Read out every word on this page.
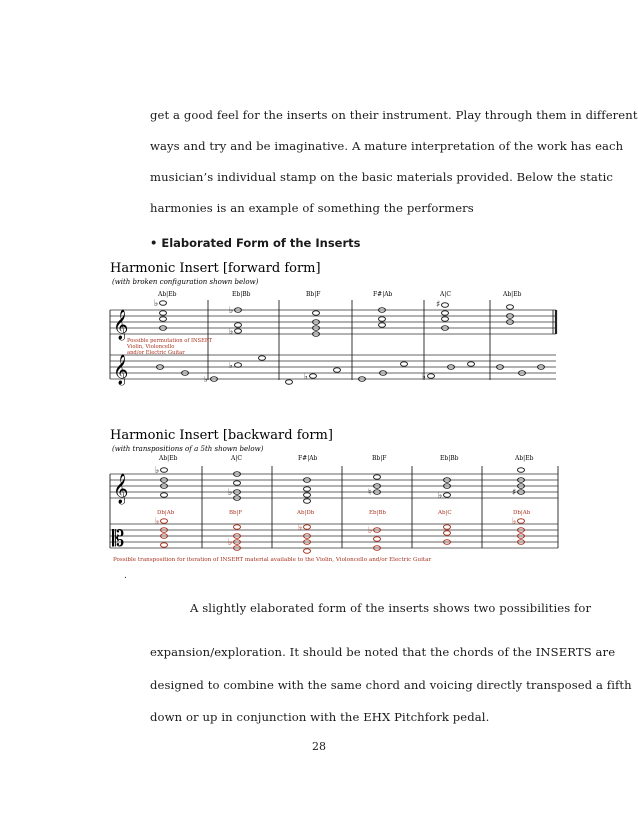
get a good feel for the inserts on their instrument. Play through them in different
ways and try and be imaginative. A mature interpretation of the work has each
musician’s individual stamp on the basic materials provided. Below the static
harmonies is an example of something the performers
• Elaborated Form of the Inserts
Harmonic Insert [forward form]
(with broken configuration shown below)
Ab|Eb	Eb|Bb	Bb|F	F#|Ab	A|C	Ab|Eb
𝄞
𝄞
♭
♭
♭
♯
♭
♭
♭	♭
Possible permutation of INSERT
Violin, Violoncello
and/or Electric Guitar
Harmonic Insert [backward form]
(with transpositions of a 5th shown below)
Ab|Eb	A|C	F#|Ab	Bb|F	Eb|Bb	Ab|Eb
𝄞
𝄡
♭
♭	♮	♭	♯
Db|Ab	Bb|F	Ab|Db	Eb|Bb	Ab|C	Db|Ab
♭
♭
♭	♭
♭
Possible transposition for iteration of INSERT material available to the Violin, Violoncello and/or Electric Guitar
.
A slightly elaborated form of the inserts shows two possibilities for
expansion/exploration. It should be noted that the chords of the INSERTS are
designed to combine with the same chord and voicing directly transposed a fifth
down or up in conjunction with the EHX Pitchfork pedal.
28
